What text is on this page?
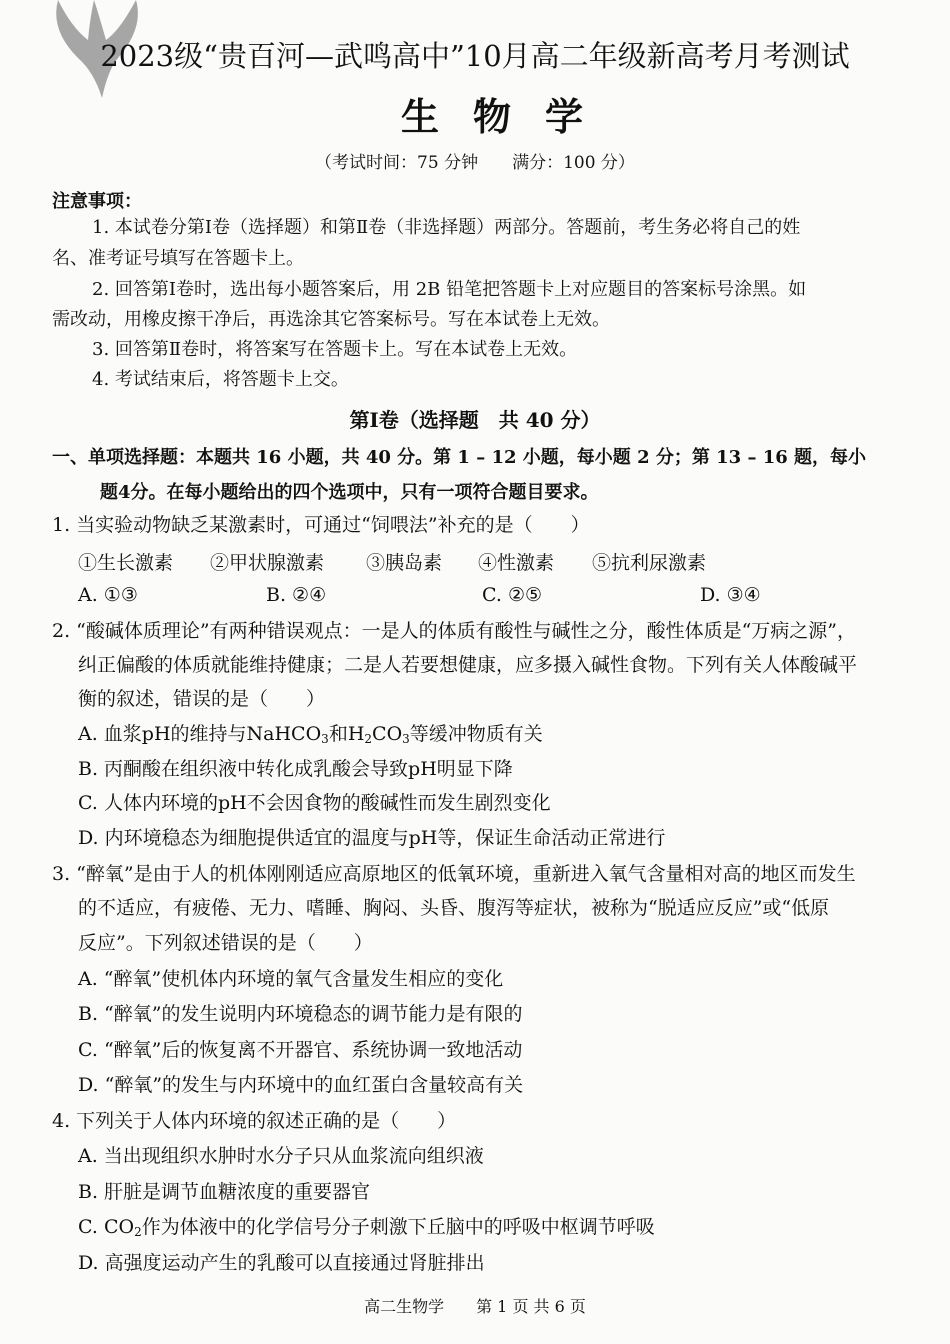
2023级“贵百河—武鸣高中”10月高二年级新高考月考测试
生物学
（考试时间：75 分钟　　满分：100 分）
注意事项：
1. 本试卷分第Ⅰ卷（选择题）和第Ⅱ卷（非选择题）两部分。答题前，考生务必将自己的姓
名、准考证号填写在答题卡上。
2. 回答第Ⅰ卷时，选出每小题答案后，用 2B 铅笔把答题卡上对应题目的答案标号涂黑。如
需改动，用橡皮擦干净后，再选涂其它答案标号。写在本试卷上无效。
3. 回答第Ⅱ卷时，将答案写在答题卡上。写在本试卷上无效。
4. 考试结束后，将答题卡上交。
第Ⅰ卷（选择题　共 40 分）
一、单项选择题：本题共 16 小题，共 40 分。第 1 – 12 小题，每小题 2 分；第 13 – 16 题，每小
题4分。在每小题给出的四个选项中，只有一项符合题目要求。
1. 当实验动物缺乏某激素时，可通过“饲喂法”补充的是（　　）
①生长激素 ②甲状腺激素 ③胰岛素 ④性激素 ⑤抗利尿激素
A. ①③	B. ②④	C. ②⑤	D. ③④
2. “酸碱体质理论”有两种错误观点：一是人的体质有酸性与碱性之分，酸性体质是“万病之源”，
纠正偏酸的体质就能维持健康；二是人若要想健康，应多摄入碱性食物。下列有关人体酸碱平
衡的叙述，错误的是（　　）
A. 血浆pH的维持与NaHCO$_3$和$H_2CO_3$等缓冲物质有关
B. 丙酮酸在组织液中转化成乳酸会导致pH明显下降
C. 人体内环境的pH不会因食物的酸碱性而发生剧烈变化
D. 内环境稳态为细胞提供适宜的温度与pH等，保证生命活动正常进行
3. “醉氧”是由于人的机体刚刚适应高原地区的低氧环境，重新进入氧气含量相对高的地区而发生
的不适应，有疲倦、无力、嗜睡、胸闷、头昏、腹泻等症状，被称为“脱适应反应”或“低原
反应”。下列叙述错误的是（　　）
A. “醉氧”使机体内环境的氧气含量发生相应的变化
B. “醉氧”的发生说明内环境稳态的调节能力是有限的
C. “醉氧”后的恢复离不开器官、系统协调一致地活动
D. “醉氧”的发生与内环境中的血红蛋白含量较高有关
4. 下列关于人体内环境的叙述正确的是（　　）
A. 当出现组织水肿时水分子只从血浆流向组织液
B. 肝脏是调节血糖浓度的重要器官
C. $CO_2$作为体液中的化学信号分子刺激下丘脑中的呼吸中枢调节呼吸
D. 高强度运动产生的乳酸可以直接通过肾脏排出
高二生物学　　第 1 页 共 6 页
